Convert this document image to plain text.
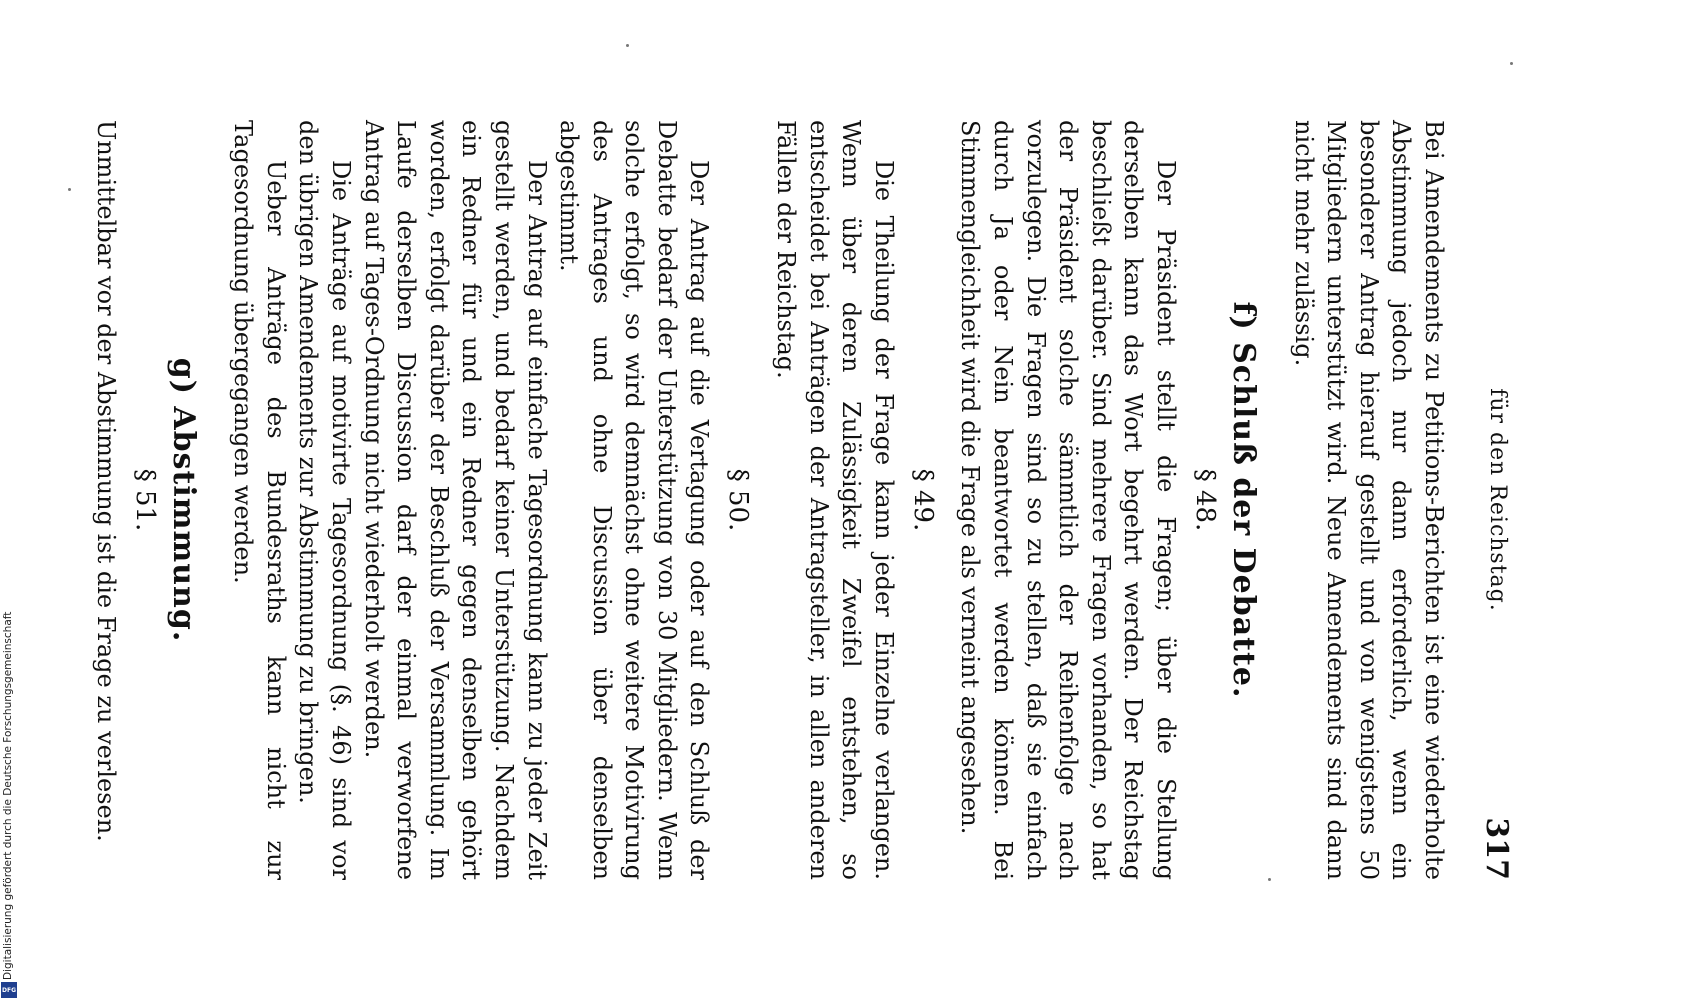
für den Reichstag.
317

Bei Amendements zu Petitions-Berichten ist eine wiederholte Abstimmung jedoch nur dann erforderlich, wenn ein besonderer Antrag hierauf gestellt und von wenigstens 50 Mitgliedern unterstützt wird. Neue Amendements sind dann nicht mehr zulässig.

f) Schluß der Debatte.
§ 48.

Der Präsident stellt die Fragen; über die Stellung derselben kann das Wort begehrt werden. Der Reichstag beschließt darüber. Sind mehrere Fragen vorhanden, so hat der Präsident solche sämmtlich der Reihenfolge nach vorzulegen. Die Fragen sind so zu stellen, daß sie einfach durch Ja oder Nein beantwortet werden können. Bei Stimmengleichheit wird die Frage als verneint angesehen.

§ 49.

Die Theilung der Frage kann jeder Einzelne verlangen. Wenn über deren Zulässigkeit Zweifel entstehen, so entscheidet bei Anträgen der Antragsteller, in allen anderen Fällen der Reichstag.

§ 50.

Der Antrag auf die Vertagung oder auf den Schluß der Debatte bedarf der Unterstützung von 30 Mitgliedern. Wenn solche erfolgt, so wird demnächst ohne weitere Motivirung des Antrages und ohne Discussion über denselben abgestimmt.

Der Antrag auf einfache Tagesordnung kann zu jeder Zeit gestellt werden, und bedarf keiner Unterstützung. Nachdem ein Redner für und ein Redner gegen denselben gehört worden, erfolgt darüber der Beschluß der Versammlung. Im Laufe derselben Discussion darf der einmal verworfene Antrag auf Tages-Ordnung nicht wiederholt werden.

Die Anträge auf motivirte Tagesordnung (§. 46) sind vor den übrigen Amendements zur Abstimmung zu bringen.

Ueber Anträge des Bundesraths kann nicht zur Tagesordnung übergegangen werden.

g) Abstimmung.
§ 51.

Unmittelbar vor der Abstimmung ist die Frage zu verlesen.

Digitalisierung gefördert durch die Deutsche Forschungsgemeinschaft
DFG
